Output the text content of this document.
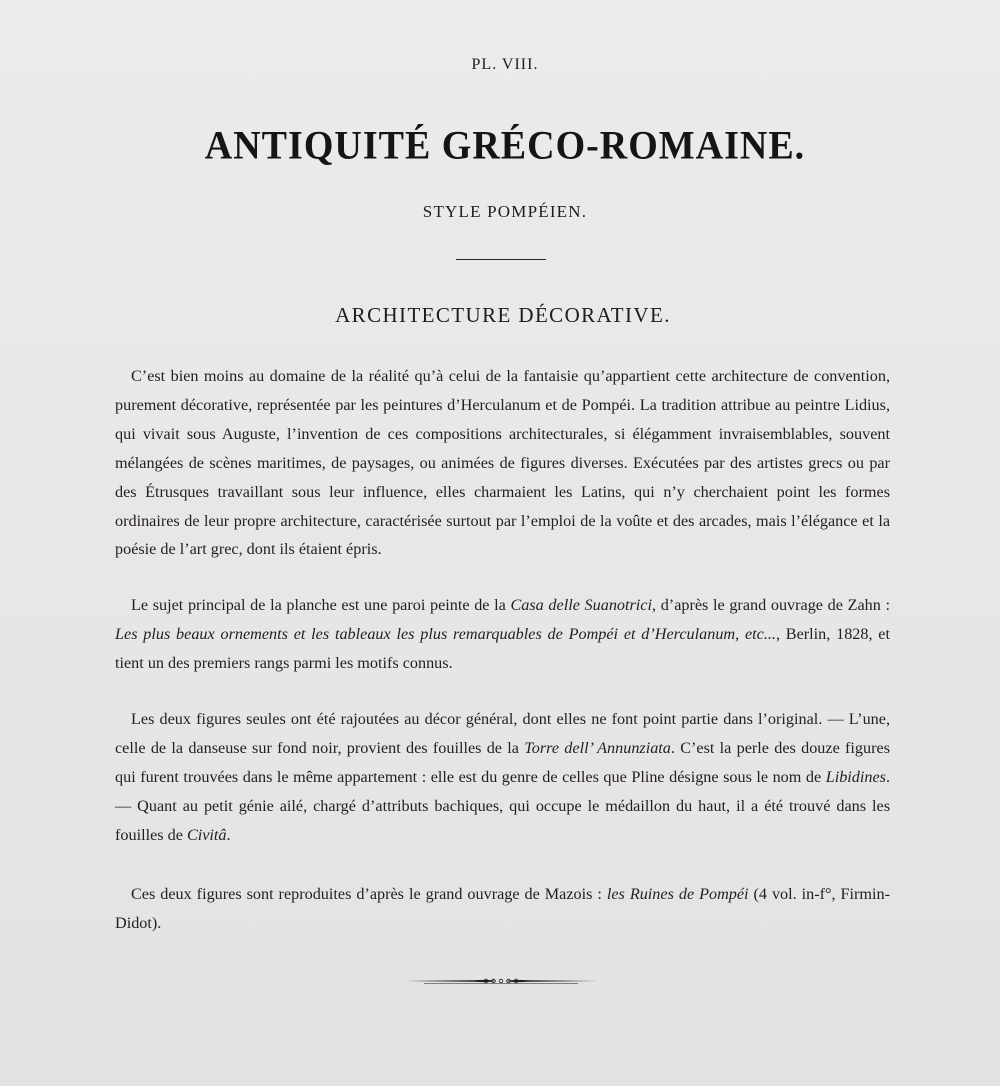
PL. VIII.
ANTIQUITÉ GRÉCO-ROMAINE.
STYLE POMPÉIEN.
ARCHITECTURE DÉCORATIVE.

C’est bien moins au domaine de la réalité qu’à celui de la fantaisie qu’appartient cette architecture de convention, purement décorative, représentée par les peintures d’Herculanum et de Pompéi. La tradition attribue au peintre Lidius, qui vivait sous Auguste, l’invention de ces compositions architecturales, si élégamment invraisemblables, souvent mélangées de scènes maritimes, de paysages, ou animées de figures diverses. Exécutées par des artistes grecs ou par des Étrusques travaillant sous leur influence, elles charmaient les Latins, qui n’y cherchaient point les formes ordinaires de leur propre architecture, caractérisée surtout par l’emploi de la voûte et des arcades, mais l’élégance et la poésie de l’art grec, dont ils étaient épris.

Le sujet principal de la planche est une paroi peinte de la Casa delle Suanotrici, d’après le grand ouvrage de Zahn : Les plus beaux ornements et les tableaux les plus remarquables de Pompéi et d’Herculanum, etc..., Berlin, 1828, et tient un des premiers rangs parmi les motifs connus.

Les deux figures seules ont été rajoutées au décor général, dont elles ne font point partie dans l’original. — L’une, celle de la danseuse sur fond noir, provient des fouilles de la Torre dell’ Annunziata. C’est la perle des douze figures qui furent trouvées dans le même appartement : elle est du genre de celles que Pline désigne sous le nom de Libidines. — Quant au petit génie ailé, chargé d’attributs bachiques, qui occupe le médaillon du haut, il a été trouvé dans les fouilles de Civitâ.

Ces deux figures sont reproduites d’après le grand ouvrage de Mazois : les Ruines de Pompéi (4 vol. in-f°, Firmin-Didot).
